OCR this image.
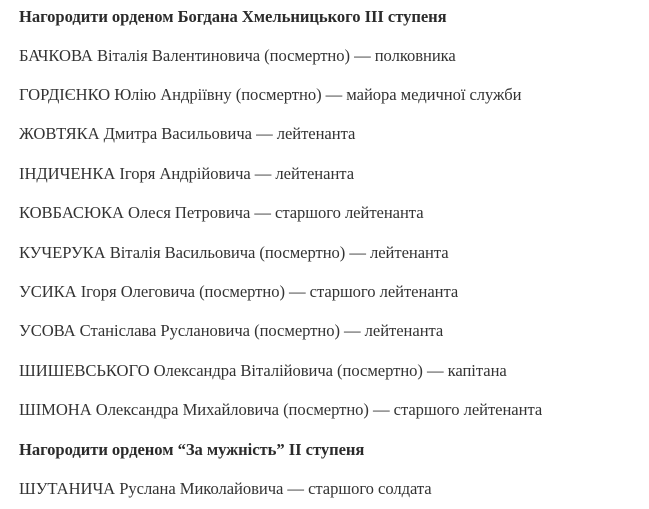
Нагородити орденом Богдана Хмельницького III ступеня
БАЧКОВА Віталія Валентиновича (посмертно) — полковника
ГОРДІЄНКО Юлію Андріївну (посмертно) — майора медичної служби
ЖОВТЯКА Дмитра Васильовича — лейтенанта
ІНДИЧЕНКА Ігоря Андрійовича — лейтенанта
КОВБАСЮКА Олеся Петровича — старшого лейтенанта
КУЧЕРУКА Віталія Васильовича (посмертно) — лейтенанта
УСИКА Ігоря Олеговича (посмертно) — старшого лейтенанта
УСОВА Станіслава Руслановича (посмертно) — лейтенанта
ШИШЕВСЬКОГО Олександра Віталійовича (посмертно) — капітана
ШІМОНА Олександра Михайловича (посмертно) — старшого лейтенанта
Нагородити орденом “За мужність” II ступеня
ШУТАНИЧА Руслана Миколайовича — старшого солдата
